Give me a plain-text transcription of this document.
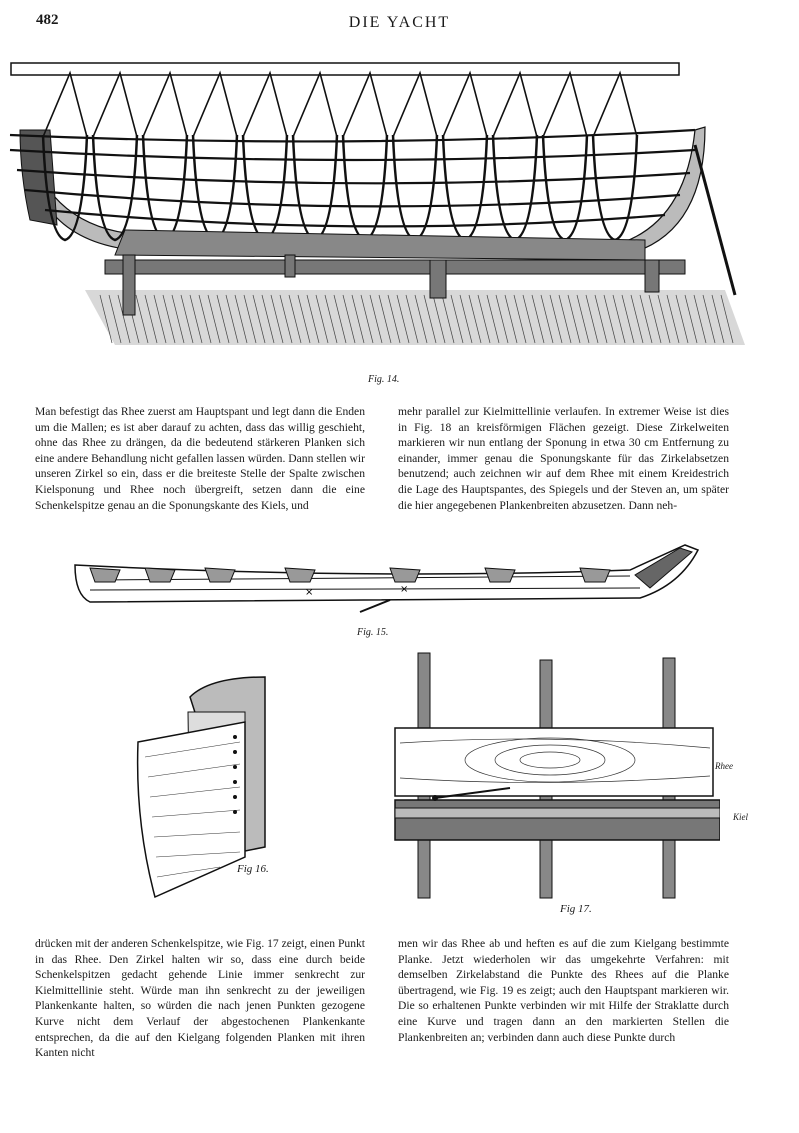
482	DIE YACHT
Fig. 14.

Man befestigt das Rhee zuerst am Hauptspant und legt dann die Enden um die Mallen; es ist aber darauf zu achten, dass das willig geschieht, ohne das Rhee zu drängen, da die bedeutend stärkeren Planken sich eine andere Behandlung nicht gefallen lassen würden. Dann stellen wir unseren Zirkel so ein, dass er die breiteste Stelle der Spalte zwischen Kielsponung und Rhee noch übergreift, setzen dann die eine Schenkelspitze genau an die Sponungskante des Kiels, und

mehr parallel zur Kielmittellinie verlaufen. In extremer Weise ist dies in Fig. 18 an kreisförmigen Flächen gezeigt. Diese Zirkelweiten markieren wir nun entlang der Sponung in etwa 30 cm Entfernung zu einander, immer genau die Sponungskante für das Zirkelabsetzen benutzend; auch zeichnen wir auf dem Rhee mit einem Kreidestrich die Lage des Hauptspantes, des Spiegels und der Steven an, um später die hier angegebenen Plankenbreiten abzusetzen. Dann neh-

×	×
Fig. 15.
Fig 16.
Rhee
Kiel
Fig 17.

drücken mit der anderen Schenkelspitze, wie Fig. 17 zeigt, einen Punkt in das Rhee. Den Zirkel halten wir so, dass eine durch beide Schenkelspitzen gedacht gehende Linie immer senkrecht zur Kielmittellinie steht. Würde man ihn senkrecht zu der jeweiligen Plankenkante halten, so würden die nach jenen Punkten gezogene Kurve nicht dem Verlauf der abgestochenen Plankenkante entsprechen, da die auf den Kielgang folgenden Planken mit ihren Kanten nicht

men wir das Rhee ab und heften es auf die zum Kielgang bestimmte Planke. Jetzt wiederholen wir das umgekehrte Verfahren: mit demselben Zirkelabstand die Punkte des Rhees auf die Planke übertragend, wie Fig. 19 es zeigt; auch den Hauptspant markieren wir. Die so erhaltenen Punkte verbinden wir mit Hilfe der Straklatte durch eine Kurve und tragen dann an den markierten Stellen die Plankenbreiten an; verbinden dann auch diese Punkte durch
